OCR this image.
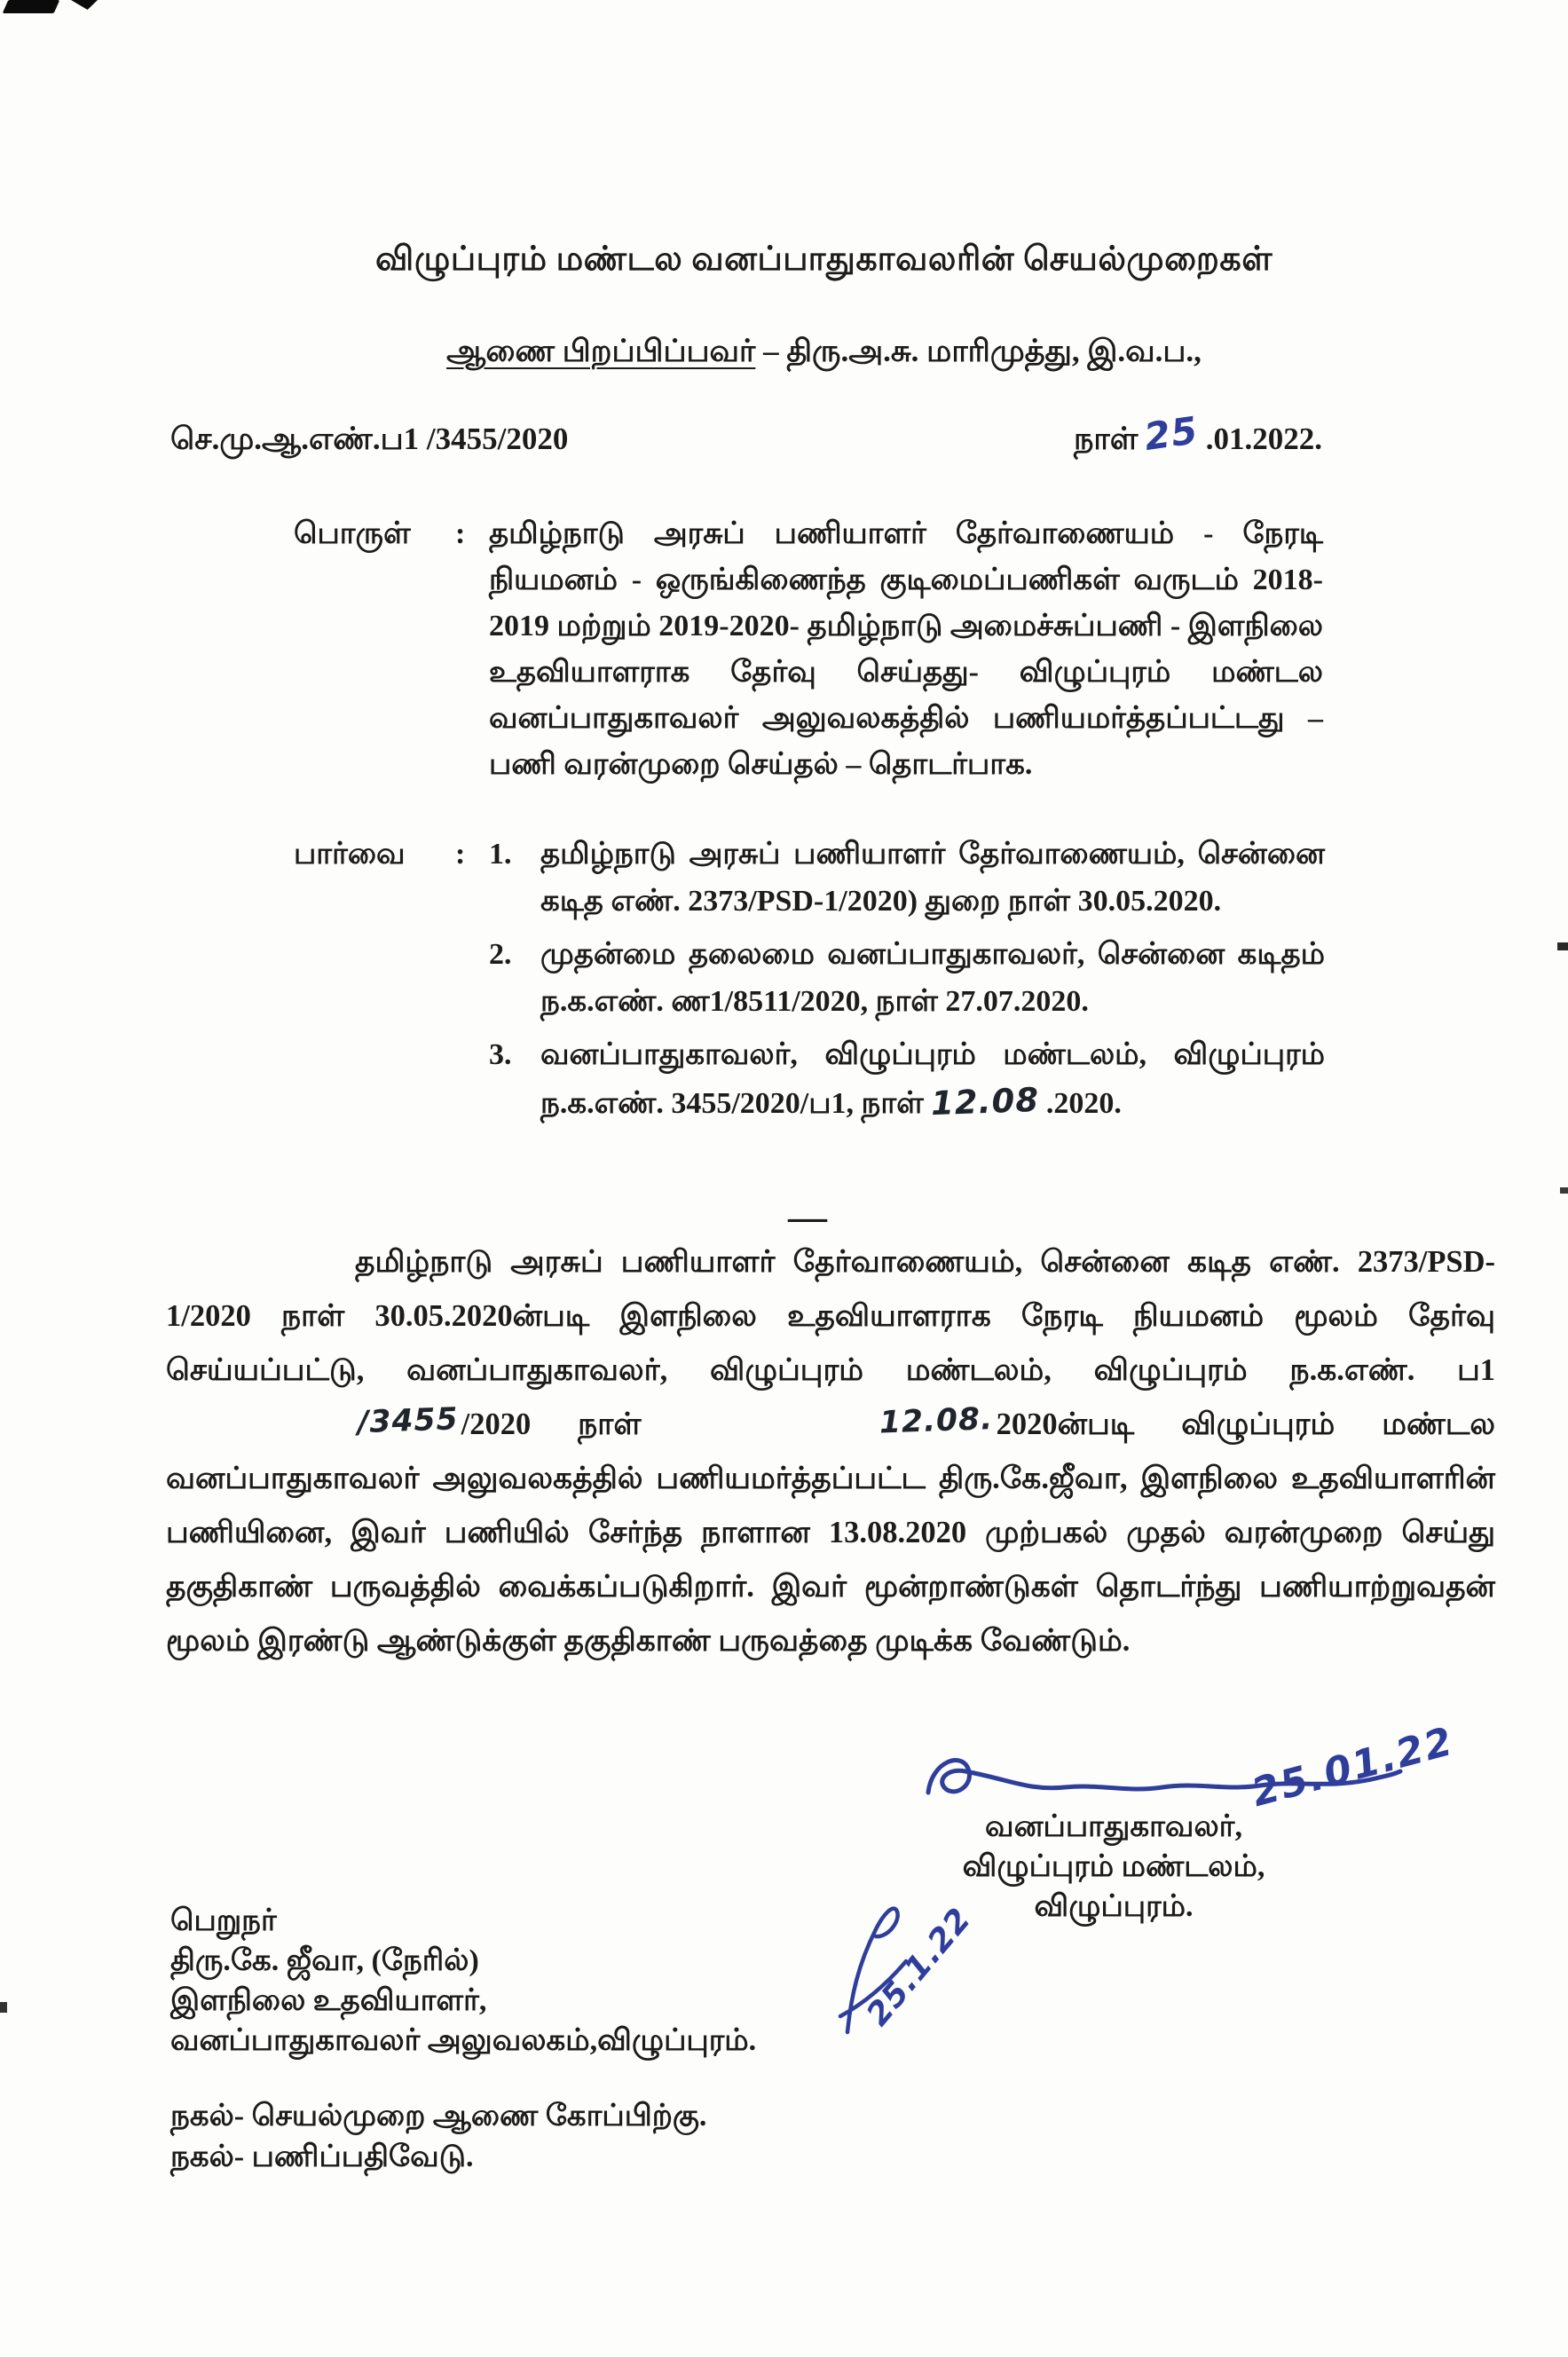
விழுப்புரம் மண்டல வனப்பாதுகாவலரின் செயல்முறைகள்
ஆணை பிறப்பிப்பவர் – திரு.அ.சு. மாரிமுத்து, இ.வ.ப.,
செ.மு.ஆ.எண்.ப1 /3455/2020	நாள் 25 .01.2022.
பொருள்	: தமிழ்நாடு அரசுப் பணியாளர் தேர்வாணையம் - நேரடி நியமனம் - ஒருங்கிணைந்த குடிமைப்பணிகள் வருடம் 2018-2019 மற்றும் 2019-2020- தமிழ்நாடு அமைச்சுப்பணி - இளநிலை உதவியாளராக தேர்வு செய்தது- விழுப்புரம் மண்டல வனப்பாதுகாவலர் அலுவலகத்தில் பணியமர்த்தப்பட்டது – பணி வரன்முறை செய்தல் – தொடர்பாக.
பார்வை	: 1. தமிழ்நாடு அரசுப் பணியாளர் தேர்வாணையம், சென்னை கடித எண். 2373/PSD-1/2020) துறை நாள் 30.05.2020.
2. முதன்மை தலைமை வனப்பாதுகாவலர், சென்னை கடிதம் ந.க.எண். ண1/8511/2020, நாள் 27.07.2020.
3. வனப்பாதுகாவலர், விழுப்புரம் மண்டலம், விழுப்புரம் ந.க.எண். 3455/2020/ப1, நாள் 12.08 .2020.
—

தமிழ்நாடு அரசுப் பணியாளர் தேர்வாணையம், சென்னை கடித எண். 2373/PSD-1/2020 நாள் 30.05.2020ன்படி இளநிலை உதவியாளராக நேரடி நியமனம் மூலம் தேர்வு செய்யப்பட்டு, வனப்பாதுகாவலர், விழுப்புரம் மண்டலம், விழுப்புரம் ந.க.எண். ப1/3455/2020 நாள்	12.08.2020ன்படி விழுப்புரம் மண்டல வனப்பாதுகாவலர் அலுவலகத்தில் பணியமர்த்தப்பட்ட திரு.கே.ஜீவா, இளநிலை உதவியாளரின் பணியினை, இவர் பணியில் சேர்ந்த நாளான 13.08.2020 முற்பகல் முதல் வரன்முறை செய்து தகுதிகாண் பருவத்தில் வைக்கப்படுகிறார். இவர் மூன்றாண்டுகள் தொடர்ந்து பணியாற்றுவதன் மூலம் இரண்டு ஆண்டுக்குள் தகுதிகாண் பருவத்தை முடிக்க வேண்டும்.

25.01.22
வனப்பாதுகாவலர்,
விழுப்புரம் மண்டலம்,
விழுப்புரம்.
25.1.22
பெறுநர்
திரு.கே. ஜீவா, (நேரில்)
இளநிலை உதவியாளர்,
வனப்பாதுகாவலர் அலுவலகம்,விழுப்புரம்.
நகல்- செயல்முறை ஆணை கோப்பிற்கு.
நகல்- பணிப்பதிவேடு.
